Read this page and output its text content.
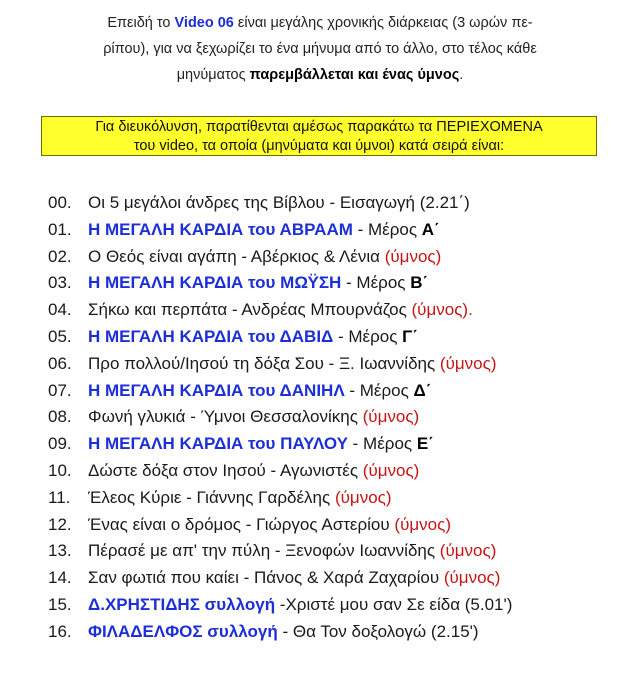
Επειδή το Video 06 είναι μεγάλης χρονικής διάρκειας (3 ωρών πε-
ρίπου), για να ξεχωρίζει το ένα μήνυμα από το άλλο, στο τέλος κάθε
μηνύματος παρεμβάλλεται και ένας ύμνος.
Για διευκόλυνση, παρατίθενται αμέσως παρακάτω τα ΠΕΡΙΕΧΟΜΕΝΑ
του video, τα οποία (μηνύματα και ύμνοι) κατά σειρά είναι:
00. Οι 5 μεγάλοι άνδρες της Βίβλου - Εισαγωγή (2.21΄)
01. Η ΜΕΓΑΛΗ ΚΑΡΔΙΑ του ΑΒΡΑΑΜ - Μέρος Α΄
02. Ο Θεός είναι αγάπη - Αβέρκιος & Λένια (ύμνος)
03. Η ΜΕΓΑΛΗ ΚΑΡΔΙΑ του ΜΩΫΣΗ - Μέρος Β΄
04. Σήκω και περπάτα - Ανδρέας Μπουρνάζος (ύμνος).
05. Η ΜΕΓΑΛΗ ΚΑΡΔΙΑ του ΔΑΒΙΔ - Μέρος Γ΄
06. Προ πολλού/Ιησού τη δόξα Σου - Ξ. Ιωαννίδης (ύμνος)
07. Η ΜΕΓΑΛΗ ΚΑΡΔΙΑ του ΔΑΝΙΗΛ - Μέρος Δ΄
08. Φωνή γλυκιά - Ύμνοι Θεσσαλονίκης (ύμνος)
09. Η ΜΕΓΑΛΗ ΚΑΡΔΙΑ του ΠΑΥΛΟΥ - Μέρος Ε΄
10. Δώστε δόξα στον Ιησού - Αγωνιστές (ύμνος)
11. Έλεος Κύριε - Γιάννης Γαρδέλης (ύμνος)
12. Ένας είναι ο δρόμος - Γιώργος Αστερίου (ύμνος)
13. Πέρασέ με απ' την πύλη - Ξενοφών Ιωαννίδης (ύμνος)
14. Σαν φωτιά που καίει - Πάνος & Χαρά Ζαχαρίου (ύμνος)
15. Δ.ΧΡΗΣΤΙΔΗΣ συλλογή -Χριστέ μου σαν Σε είδα (5.01')
16. ΦΙΛΑΔΕΛΦΟΣ συλλογή - Θα Τον δοξολογώ (2.15')
